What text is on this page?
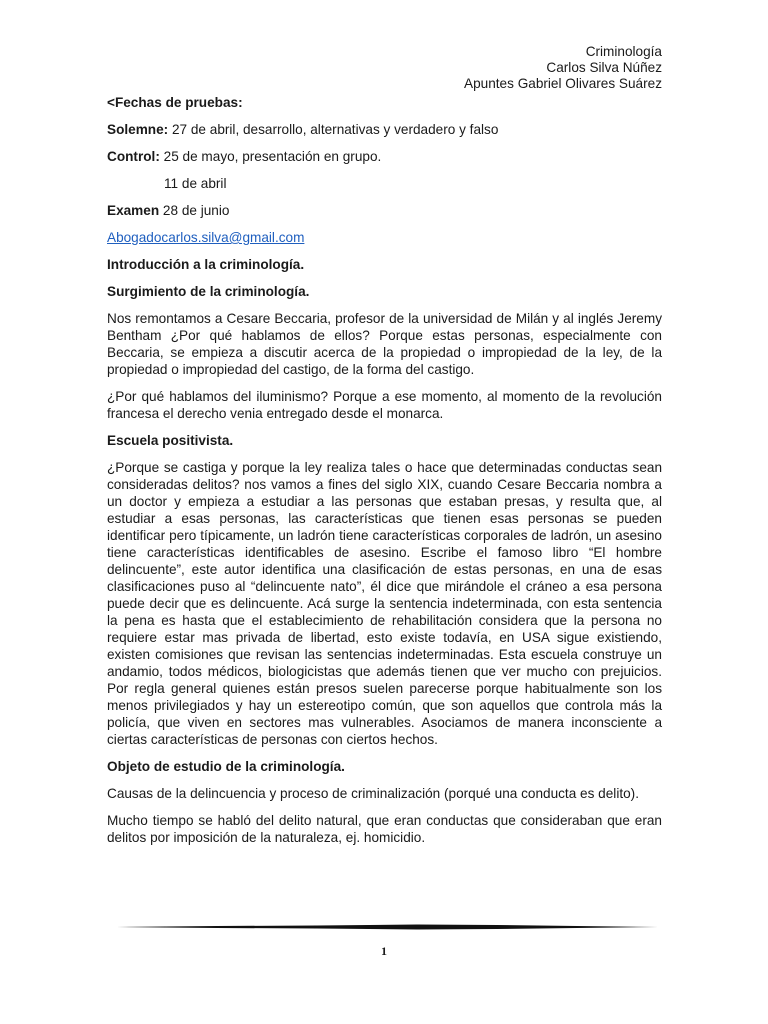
Criminología
Carlos Silva Núñez
Apuntes Gabriel Olivares Suárez

<Fechas de pruebas:

Solemne: 27 de abril, desarrollo, alternativas y verdadero y falso

Control: 25 de mayo, presentación en grupo.

11 de abril

Examen 28 de junio

Abogadocarlos.silva@gmail.com

Introducción a la criminología.

Surgimiento de la criminología.

Nos remontamos a Cesare Beccaria, profesor de la universidad de Milán y al inglés Jeremy Bentham ¿Por qué hablamos de ellos? Porque estas personas, especialmente con Beccaria, se empieza a discutir acerca de la propiedad o impropiedad de la ley, de la propiedad o impropiedad del castigo, de la forma del castigo.

¿Por qué hablamos del iluminismo? Porque a ese momento, al momento de la revolución francesa el derecho venia entregado desde el monarca.

Escuela positivista.

¿Porque se castiga y porque la ley realiza tales o hace que determinadas conductas sean consideradas delitos? nos vamos a fines del siglo XIX, cuando Cesare Beccaria nombra a un doctor y empieza a estudiar a las personas que estaban presas, y resulta que, al estudiar a esas personas, las características que tienen esas personas se pueden identificar pero típicamente, un ladrón tiene características corporales de ladrón, un asesino tiene características identificables de asesino. Escribe el famoso libro “El hombre delincuente”, este autor identifica una clasificación de estas personas, en una de esas clasificaciones puso al “delincuente nato”, él dice que mirándole el cráneo a esa persona puede decir que es delincuente. Acá surge la sentencia indeterminada, con esta sentencia la pena es hasta que el establecimiento de rehabilitación considera que la persona no requiere estar mas privada de libertad, esto existe todavía, en USA sigue existiendo, existen comisiones que revisan las sentencias indeterminadas. Esta escuela construye un andamio, todos médicos, biologicistas que además tienen que ver mucho con prejuicios. Por regla general quienes están presos suelen parecerse porque habitualmente son los menos privilegiados y hay un estereotipo común, que son aquellos que controla más la policía, que viven en sectores mas vulnerables. Asociamos de manera inconsciente a ciertas características de personas con ciertos hechos.

Objeto de estudio de la criminología.

Causas de la delincuencia y proceso de criminalización (porqué una conducta es delito).

Mucho tiempo se habló del delito natural, que eran conductas que consideraban que eran delitos por imposición de la naturaleza, ej. homicidio.

1
